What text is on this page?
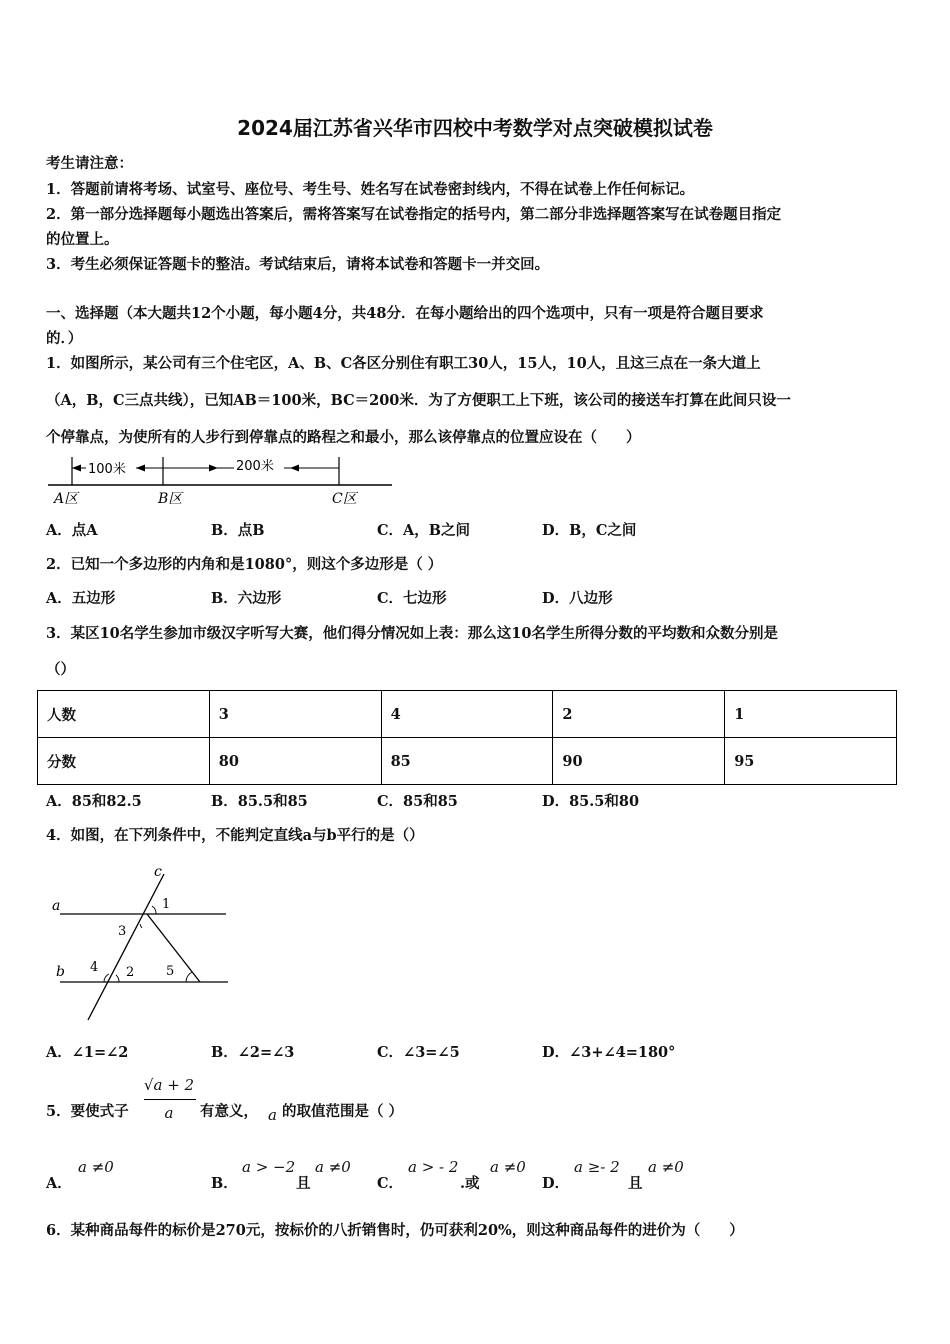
2024届江苏省兴华市四校中考数学对点突破模拟试卷
考生请注意：
1．答题前请将考场、试室号、座位号、考生号、姓名写在试卷密封线内，不得在试卷上作任何标记。
2．第一部分选择题每小题选出答案后，需将答案写在试卷指定的括号内，第二部分非选择题答案写在试卷题目指定
的位置上。
3．考生必须保证答题卡的整洁。考试结束后，请将本试卷和答题卡一并交回。
一、选择题（本大题共12个小题，每小题4分，共48分．在每小题给出的四个选项中，只有一项是符合题目要求
的．）
1．如图所示，某公司有三个住宅区，A、B、C各区分别住有职工30人，15人，10人，且这三点在一条大道上
（A，B，C三点共线），已知AB＝100米，BC＝200米．为了方便职工上下班，该公司的接送车打算在此间只设一
个停靠点，为使所有的人步行到停靠点的路程之和最小，那么该停靠点的位置应设在（　　）
100米	200米
A区	B区	C区
A．点A	B．点B	C．A，B之间	D．B，C之间
2．已知一个多边形的内角和是1080°，则这个多边形是（ ）
A．五边形	B．六边形	C．七边形	D．八边形
3．某区10名学生参加市级汉字听写大赛，他们得分情况如上表：那么这10名学生所得分数的平均数和众数分别是
（）
人数	3	4	2	1
分数	80	85	90	95
A．85和82.5	B．85.5和85	C．85和85	D．85.5和80
4．如图，在下列条件中，不能判定直线a与b平行的是（）
c
a
b
1
3
4 2 5
A．∠1=∠2	B．∠2=∠3	C．∠3=∠5	D．∠3+∠4=180°
5．要使式子
√a + 2
a	有意义， a 的取值范围是（ ）
A．
a ≠0
B．
a > −2
且
a ≠0
C．
a > - 2
.或
a ≠0
D．
a ≥- 2
且
a ≠0
6．某种商品每件的标价是270元，按标价的八折销售时，仍可获利20%，则这种商品每件的进价为（　　）
